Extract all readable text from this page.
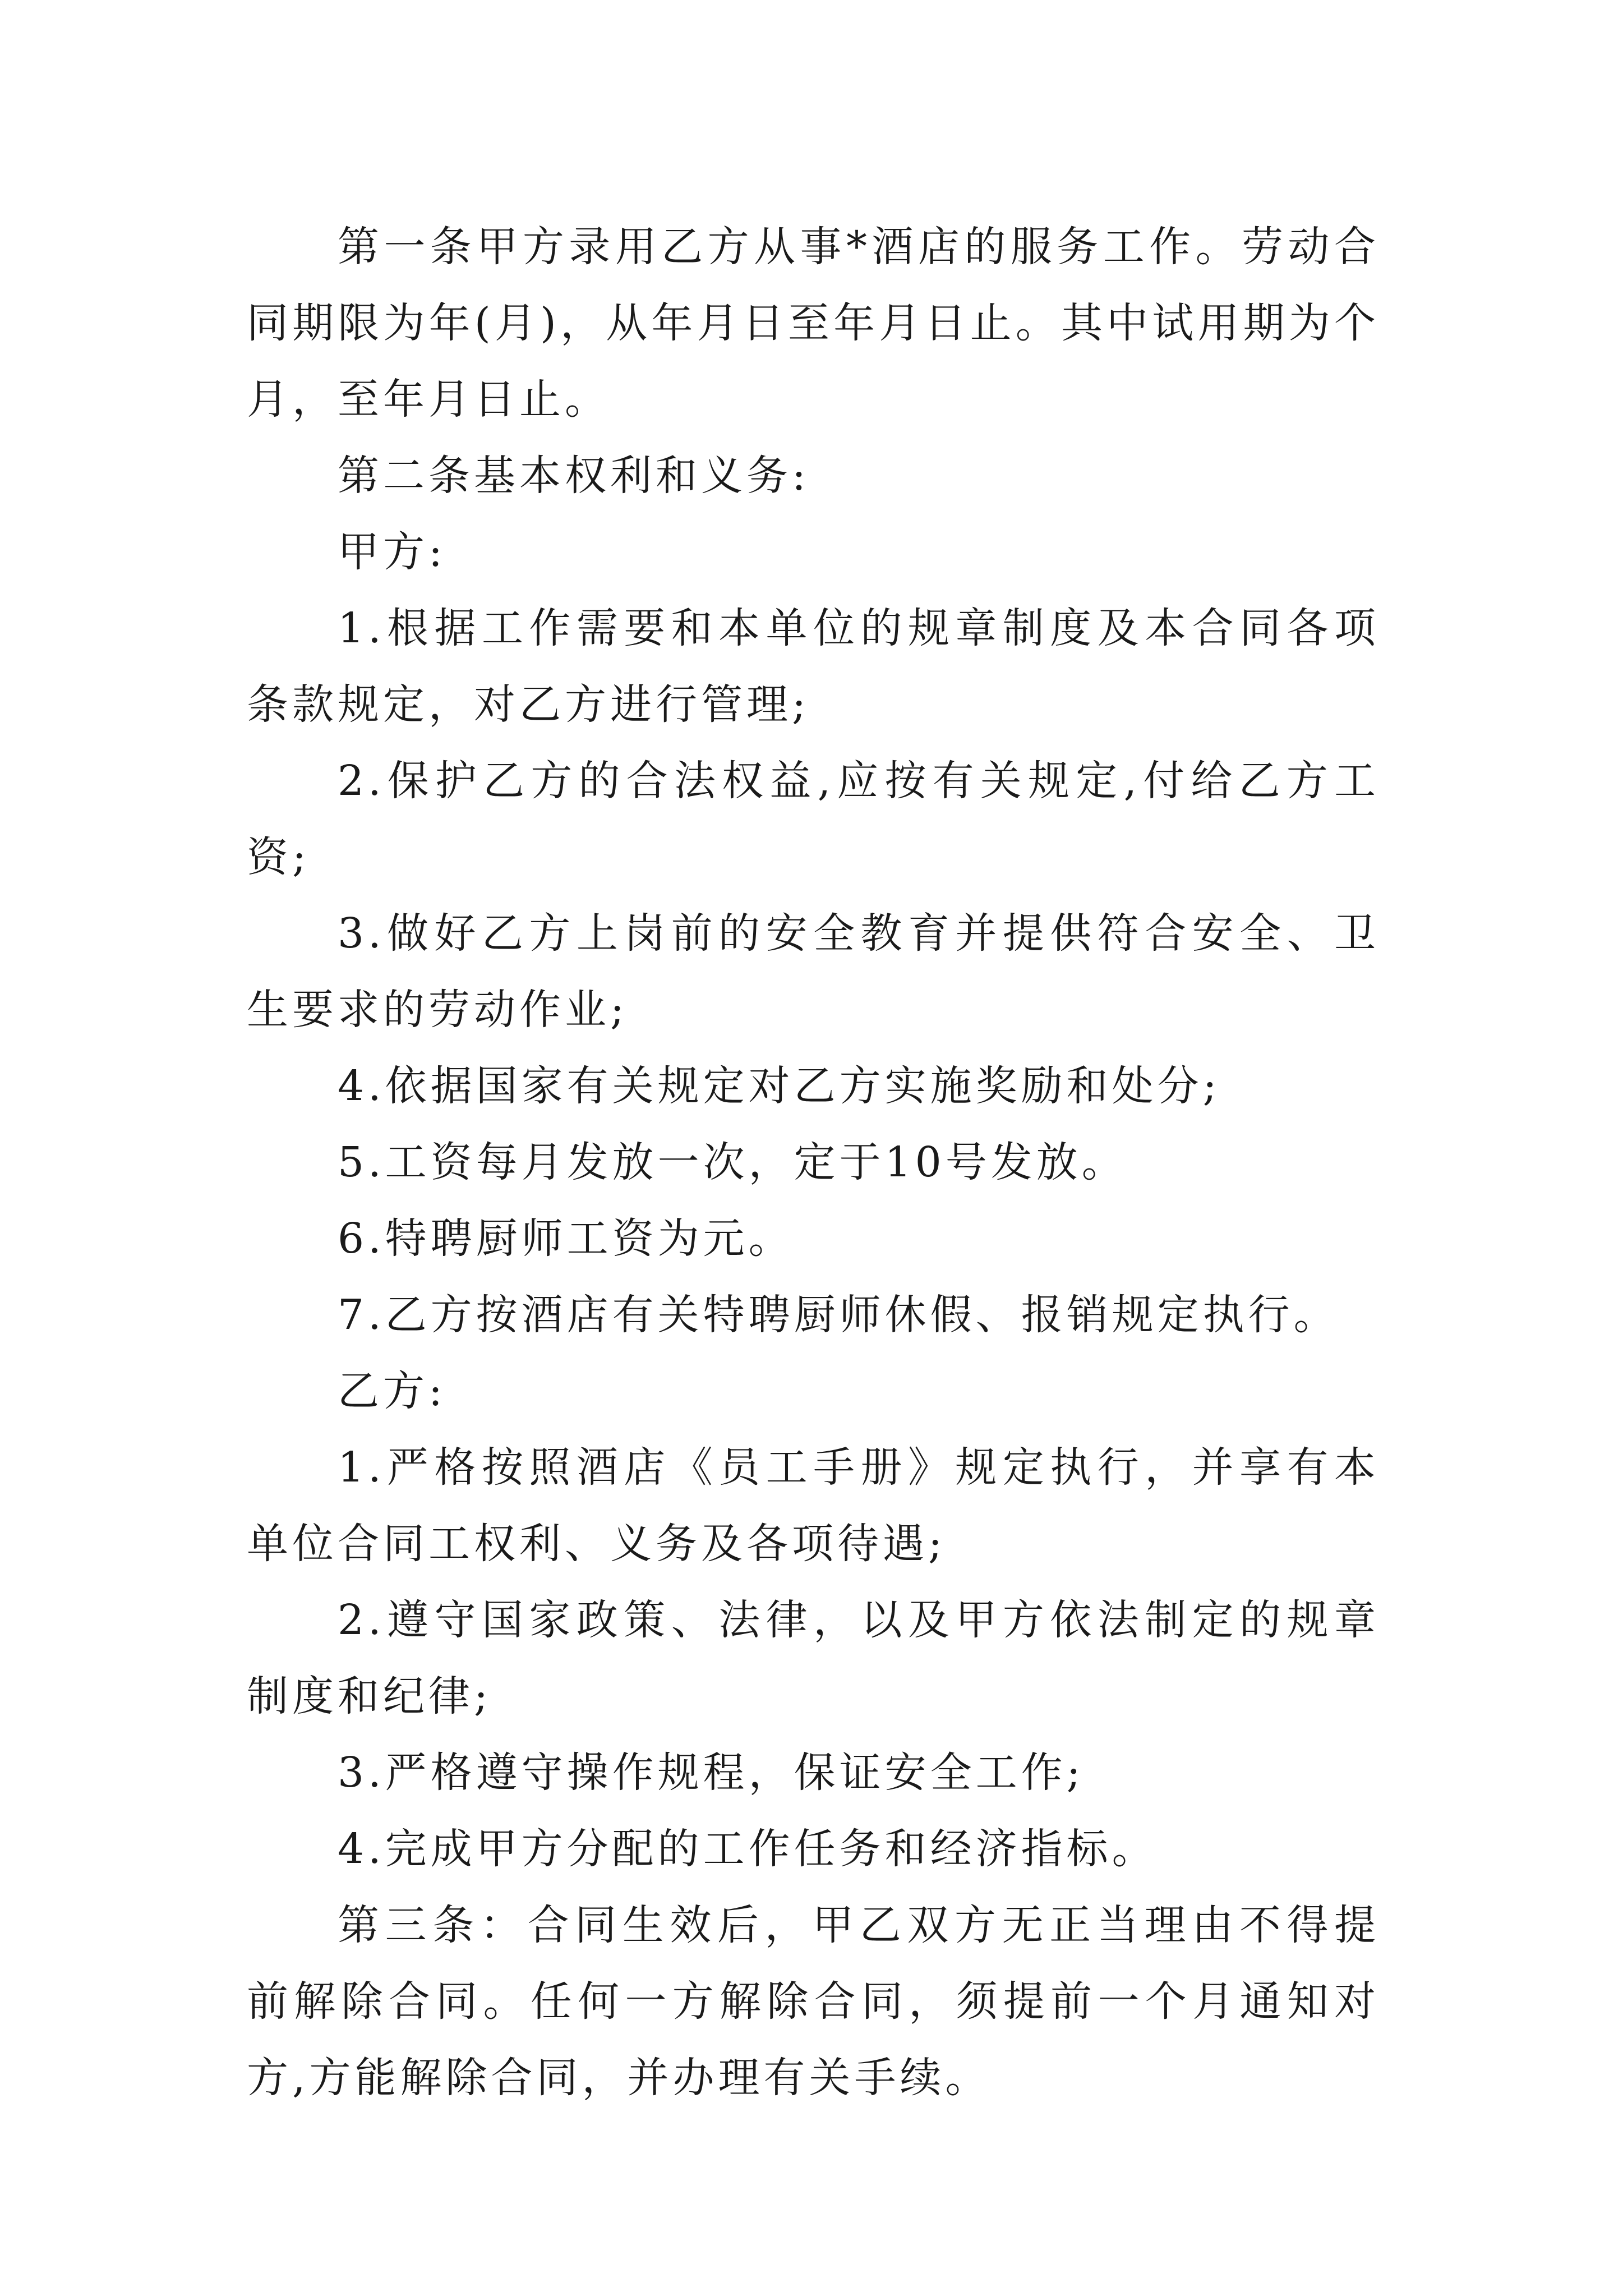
第一条甲方录用乙方从事*酒店的服务工作。劳动合同期限为年(月)，从年月日至年月日止。其中试用期为个月，至年月日止。

第二条基本权利和义务:

甲方:

1.根据工作需要和本单位的规章制度及本合同各项条款规定，对乙方进行管理;

2.保护乙方的合法权益,应按有关规定,付给乙方工资;

3.做好乙方上岗前的安全教育并提供符合安全、卫生要求的劳动作业;

4.依据国家有关规定对乙方实施奖励和处分;

5.工资每月发放一次，定于10号发放。

6.特聘厨师工资为元。

7.乙方按酒店有关特聘厨师休假、报销规定执行。

乙方:

1.严格按照酒店《员工手册》规定执行，并享有本单位合同工权利、义务及各项待遇;

2.遵守国家政策、法律，以及甲方依法制定的规章制度和纪律;

3.严格遵守操作规程，保证安全工作;

4.完成甲方分配的工作任务和经济指标。

第三条：合同生效后，甲乙双方无正当理由不得提前解除合同。任何一方解除合同，须提前一个月通知对方,方能解除合同，并办理有关手续。
